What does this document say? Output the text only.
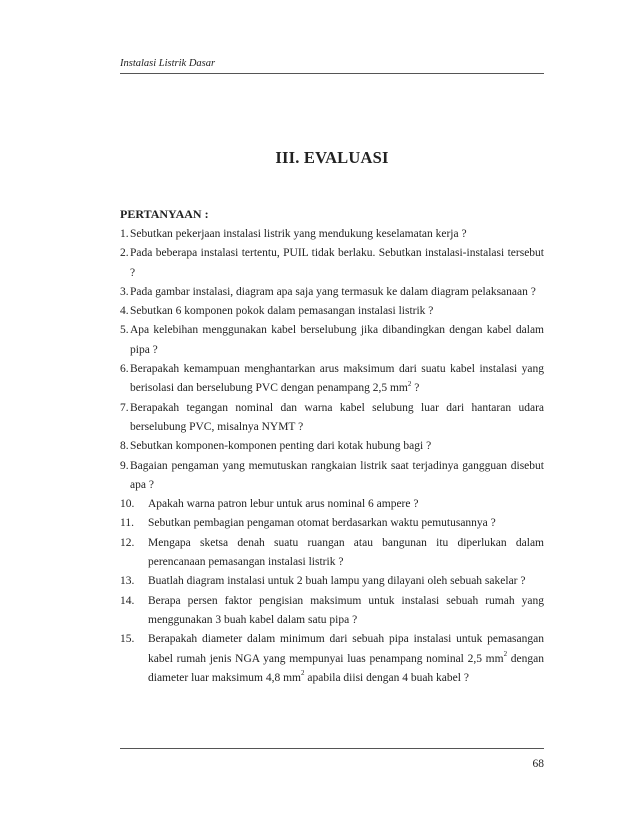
Instalasi Listrik Dasar
III. EVALUASI
PERTANYAAN :
1. Sebutkan pekerjaan instalasi listrik yang mendukung keselamatan kerja ?
2. Pada beberapa instalasi tertentu, PUIL tidak berlaku. Sebutkan instalasi-instalasi tersebut ?
3. Pada gambar instalasi, diagram apa saja yang termasuk ke dalam diagram pelaksanaan ?
4. Sebutkan 6 komponen pokok dalam pemasangan instalasi listrik ?
5. Apa kelebihan menggunakan kabel berselubung jika dibandingkan dengan kabel dalam pipa ?
6. Berapakah kemampuan menghantarkan arus maksimum dari suatu kabel instalasi yang berisolasi dan berselubung PVC dengan penampang 2,5 $mm^2$ ?
7. Berapakah tegangan nominal dan warna kabel selubung luar dari hantaran udara berselubung PVC, misalnya NYMT ?
8. Sebutkan komponen-komponen penting dari kotak hubung bagi ?
9. Bagaian pengaman yang memutuskan rangkaian listrik saat terjadinya gangguan disebut apa ?
10.	Apakah warna patron lebur untuk arus nominal 6 ampere ?
11.	Sebutkan pembagian pengaman otomat berdasarkan waktu pemutusannya ?
12.	Mengapa sketsa denah suatu ruangan atau bangunan itu diperlukan dalam perencanaan pemasangan instalasi listrik ?
13.	Buatlah diagram instalasi untuk 2 buah lampu yang dilayani oleh sebuah sakelar ?
14.	Berapa persen faktor pengisian maksimum untuk instalasi sebuah rumah yang menggunakan 3 buah kabel dalam satu pipa ?
15.	Berapakah diameter dalam minimum dari sebuah pipa instalasi untuk pemasangan kabel rumah jenis NGA yang mempunyai luas penampang nominal 2,5 $mm^2$ dengan diameter luar maksimum 4,8 $mm^2$ apabila diisi dengan 4 buah kabel ?
68
